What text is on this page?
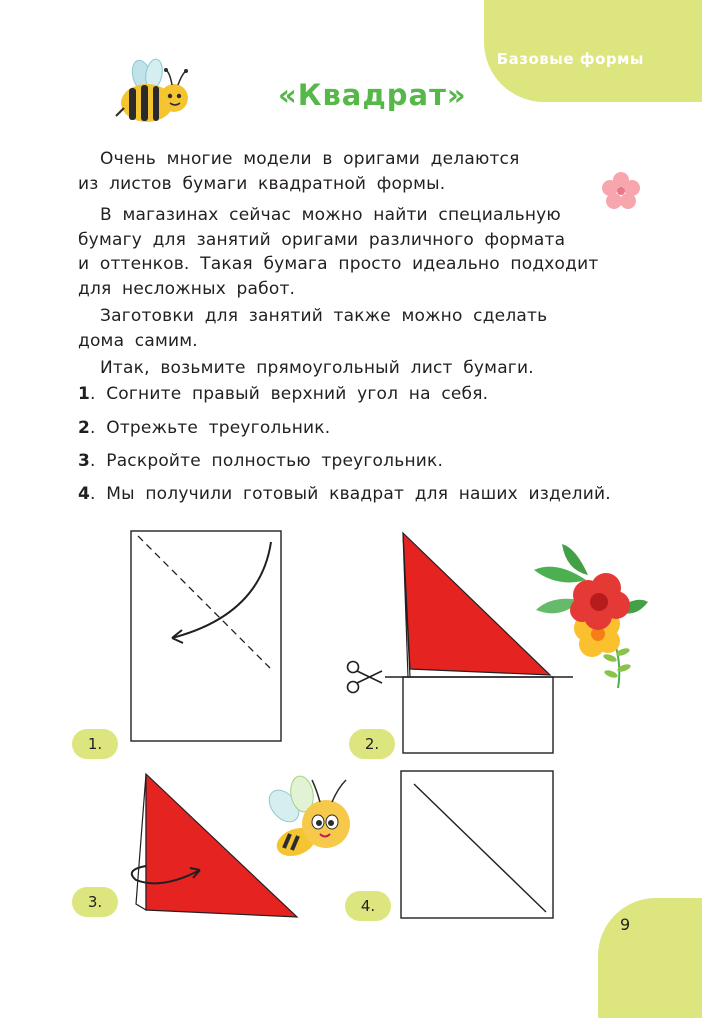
Базовые формы
«Квадрат»
Очень многие модели в оригами делаются
из листов бумаги квадратной формы.
В магазинах сейчас можно найти специальную
бумагу для занятий оригами различного формата
и оттенков. Такая бумага просто идеально подходит
для несложных работ.
Заготовки для занятий также можно сделать
дома самим.
Итак, возьмите прямоугольный лист бумаги.
1. Согните правый верхний угол на себя.
2. Отрежьте треугольник.
3. Раскройте полностью треугольник.
4. Мы получили готовый квадрат для наших изделий.
1.	2.
3.	4.
9
